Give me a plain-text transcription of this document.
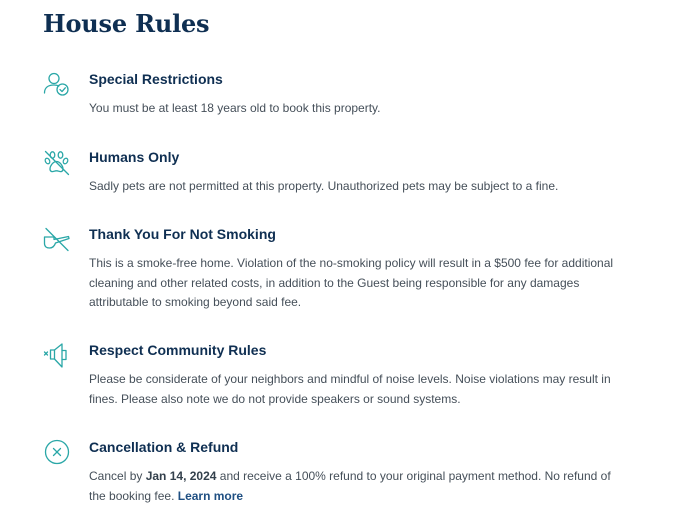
House Rules
Special Restrictions

You must be at least 18 years old to book this property.

Humans Only

Sadly pets are not permitted at this property. Unauthorized pets may be subject to a fine.

Thank You For Not Smoking

This is a smoke-free home. Violation of the no-smoking policy will result in a $500 fee for additional cleaning and other related costs, in addition to the Guest being responsible for any damages attributable to smoking beyond said fee.

Respect Community Rules

Please be considerate of your neighbors and mindful of noise levels. Noise violations may result in fines. Please also note we do not provide speakers or sound systems.

Cancellation & Refund

Cancel by Jan 14, 2024 and receive a 100% refund to your original payment method. No refund of the booking fee. Learn more
